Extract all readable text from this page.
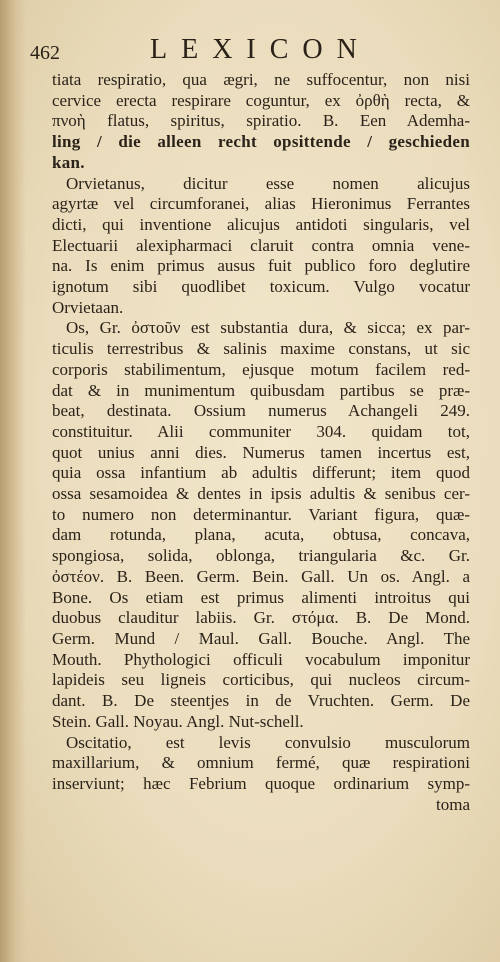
462	LEXICON
tiata respiratio, qua ægri, ne suffocentur, non nisi
cervice erecta respirare coguntur, ex ὀρθὴ recta, &
πνοὴ flatus, spiritus, spiratio. B. Een Ademha-
ling / die alleen recht opsittende / geschieden
kan.
Orvietanus, dicitur esse nomen alicujus
agyrtæ vel circumforanei, alias Hieronimus Ferrantes
dicti, qui inventione alicujus antidoti singularis, vel
Electuarii alexipharmaci claruit contra omnia vene-
na. Is enim primus ausus fuit publico foro deglutire
ignotum sibi quodlibet toxicum. Vulgo vocatur
Orvietaan.
Os, Gr. ὀστοῦν est substantia dura, & sicca; ex par-
ticulis terrestribus & salinis maxime constans, ut sic
corporis stabilimentum, ejusque motum facilem red-
dat & in munimentum quibusdam partibus se præ-
beat, destinata. Ossium numerus Achangeli 249.
constituitur. Alii communiter 304. quidam tot,
quot unius anni dies. Numerus tamen incertus est,
quia ossa infantium ab adultis differunt; item quod
ossa sesamoidea & dentes in ipsis adultis & senibus cer-
to numero non determinantur. Variant figura, quæ-
dam rotunda, plana, acuta, obtusa, concava,
spongiosa, solida, oblonga, triangularia &c. Gr.
ὀστέον. B. Been. Germ. Bein. Gall. Un os. Angl. a
Bone. Os etiam est primus alimenti introitus qui
duobus clauditur labiis. Gr. στόμα. B. De Mond.
Germ. Mund / Maul. Gall. Bouche. Angl. The
Mouth. Phythologici officuli vocabulum imponitur
lapideis seu ligneis corticibus, qui nucleos circum-
dant. B. De steentjes in de Vruchten. Germ. De
Stein. Gall. Noyau. Angl. Nut-schell.
Oscitatio, est levis convulsio musculorum
maxillarium, & omnium fermé, quæ respirationi
inserviunt; hæc Febrium quoque ordinarium symp-
toma
